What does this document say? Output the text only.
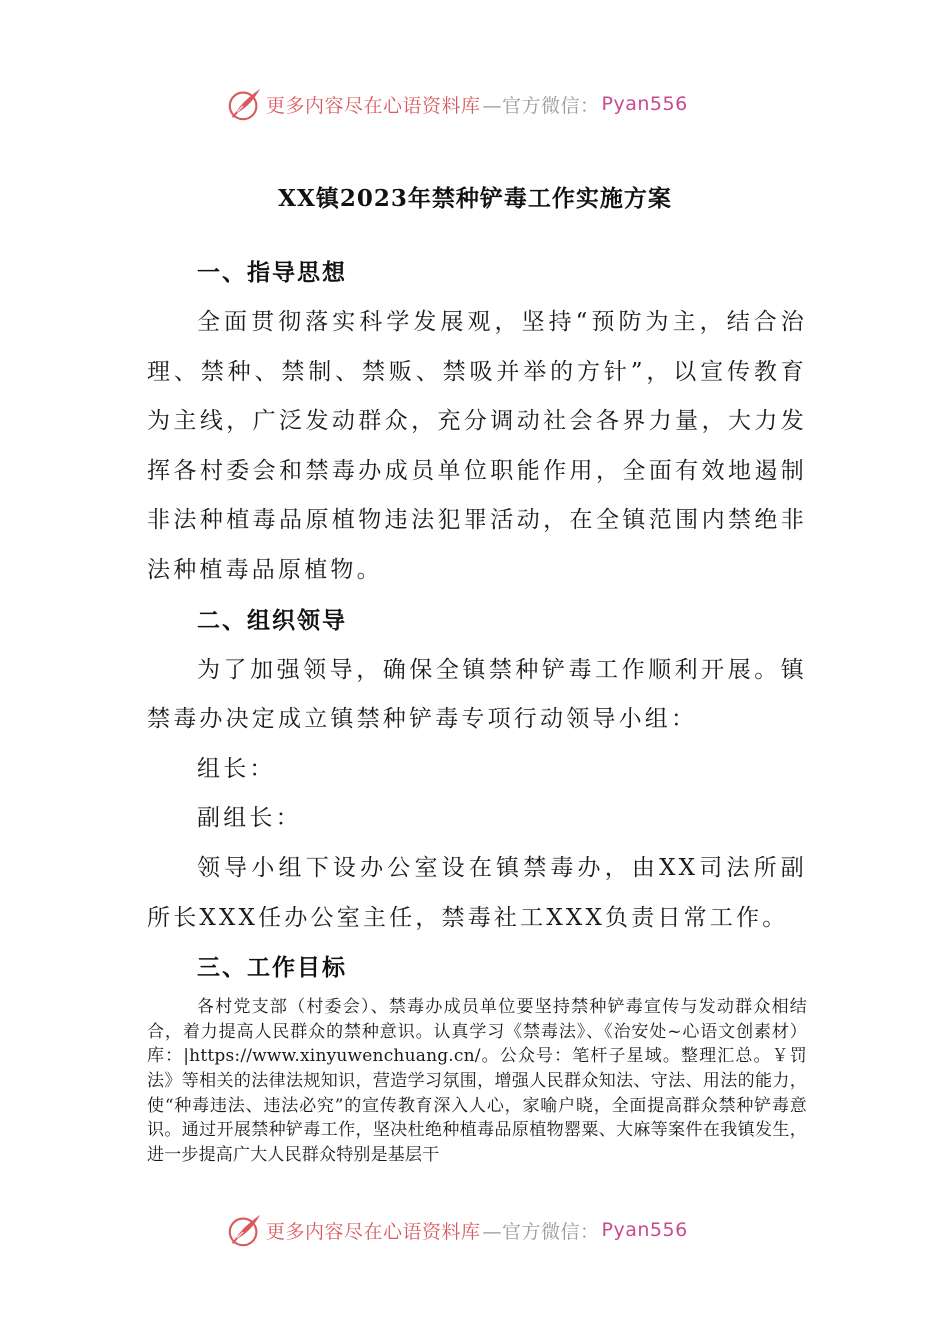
更多内容尽在心语资料库 —官方微信： Pyan556
XX镇2023年禁种铲毒工作实施方案
一、指导思想

全面贯彻落实科学发展观，坚持“预防为主，结合治理、禁种、禁制、禁贩、禁吸并举的方针”，以宣传教育为主线，广泛发动群众，充分调动社会各界力量，大力发挥各村委会和禁毒办成员单位职能作用，全面有效地遏制非法种植毒品原植物违法犯罪活动，在全镇范围内禁绝非法种植毒品原植物。

二、组织领导

为了加强领导，确保全镇禁种铲毒工作顺利开展。镇禁毒办决定成立镇禁种铲毒专项行动领导小组：

组长：

副组长：

领导小组下设办公室设在镇禁毒办，由XX司法所副所长XXX任办公室主任，禁毒社工XXX负责日常工作。

三、工作目标

各村党支部（村委会）、禁毒办成员单位要坚持禁种铲毒宣传与发动群众相结合，着力提高人民群众的禁种意识。认真学习《禁毒法》、《治安处~心语文创素材）库：|https://www.xinyuwenchuang.cn/。公众号：笔杆子星域。整理汇总。￥罚法》等相关的法律法规知识，营造学习氛围，增强人民群众知法、守法、用法的能力，使“种毒违法、违法必究”的宣传教育深入人心，家喻户晓，全面提高群众禁种铲毒意识。通过开展禁种铲毒工作，坚决杜绝种植毒品原植物罂粟、大麻等案件在我镇发生，进一步提高广大人民群众特别是基层干

更多内容尽在心语资料库 —官方微信： Pyan556
